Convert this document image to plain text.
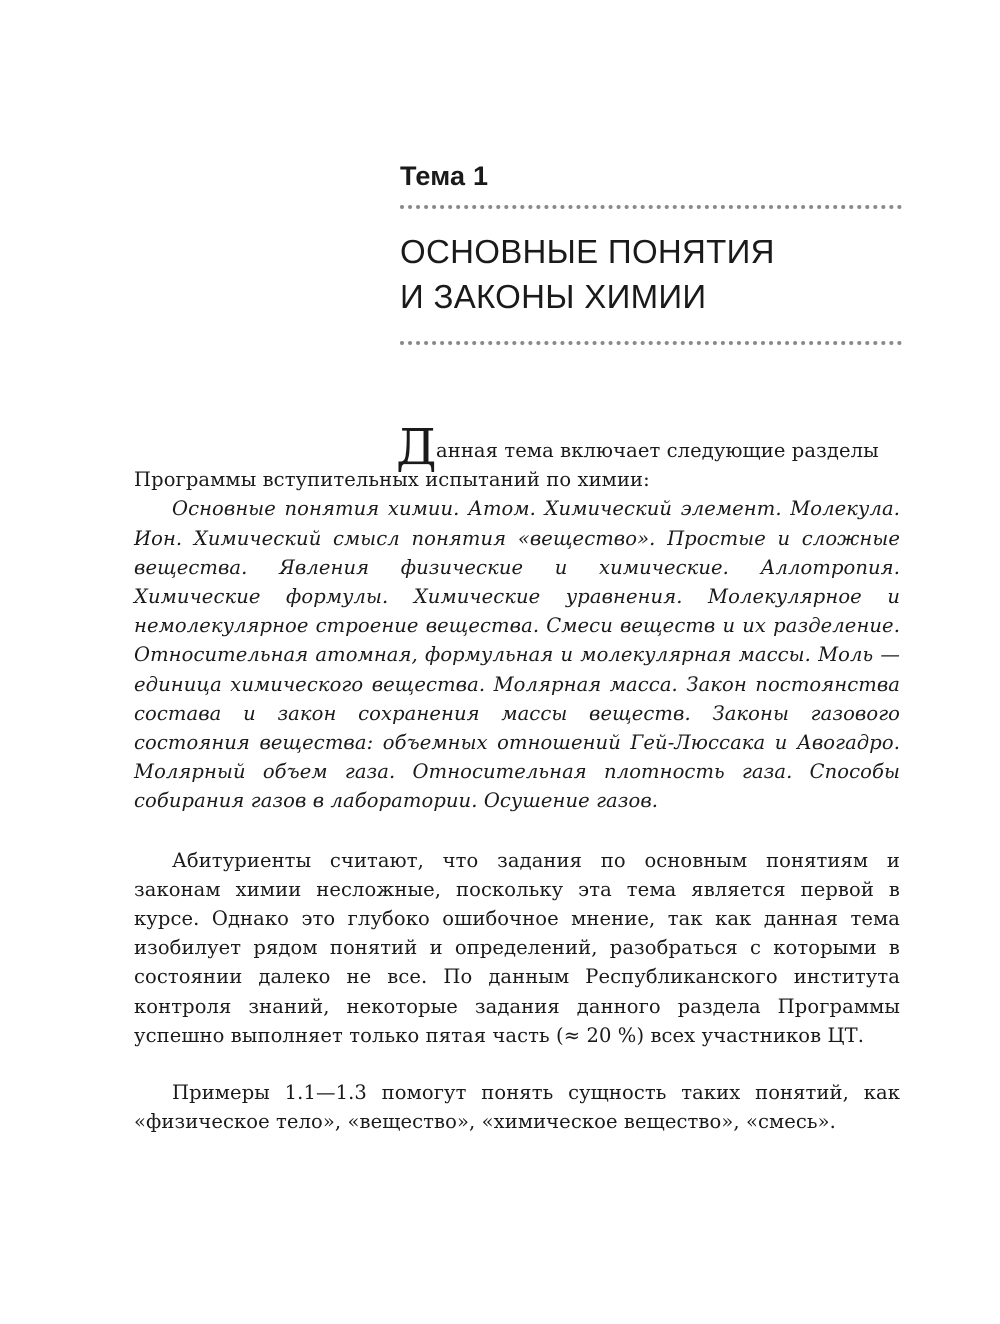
Тема 1
ОСНОВНЫЕ ПОНЯТИЯ
И ЗАКОНЫ ХИМИИ

Д анная тема включает следующие разделы

Программы вступительных испытаний по химии:

Основные понятия химии. Атом. Химический элемент. Молекула. Ион. Химический смысл понятия «вещество». Простые и сложные вещества. Явления физические и химические. Аллотропия. Химические формулы. Химические уравнения. Молекулярное и немолекулярное строение вещества. Смеси веществ и их разделение. Относительная атомная, формульная и молекулярная массы. Моль — единица химического вещества. Молярная масса. Закон постоянства состава и закон сохранения массы веществ. Законы газового состояния вещества: объемных отношений Гей-Люссака и Авогадро. Молярный объем газа. Относительная плотность газа. Способы собирания газов в лаборатории. Осушение газов.

Абитуриенты считают, что задания по основным понятиям и законам химии несложные, поскольку эта тема является первой в курсе. Однако это глубоко ошибочное мнение, так как данная тема изобилует рядом понятий и определений, разобраться с которыми в состоянии далеко не все. По данным Республиканского института контроля знаний, некоторые задания данного раздела Программы успешно выполняет только пятая часть (≈ 20 %) всех участников ЦТ.

Примеры 1.1—1.3 помогут понять сущность таких понятий, как «физическое тело», «вещество», «химическое вещество», «смесь».
